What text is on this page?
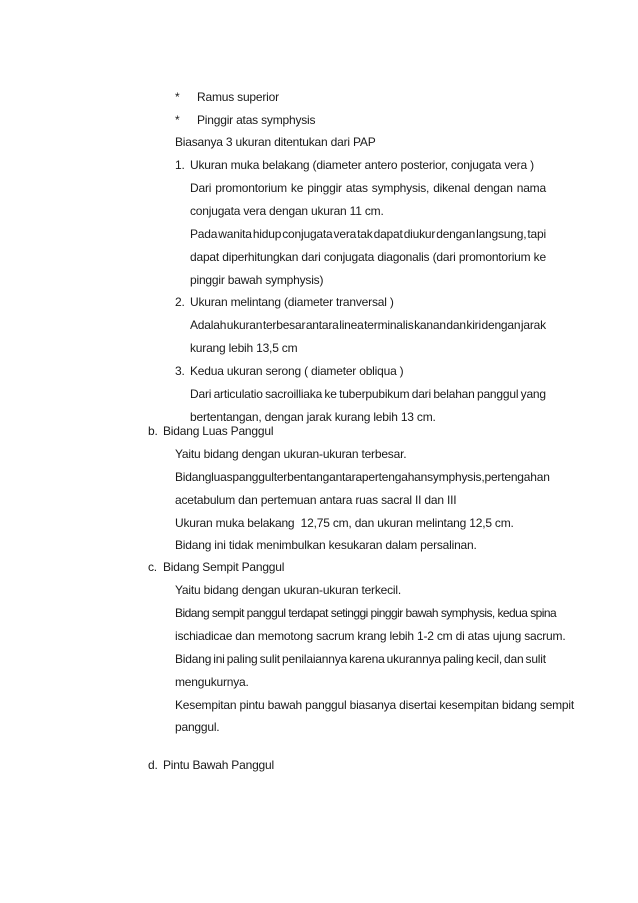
* Ramus superior
* Pinggir atas symphysis
Biasanya 3 ukuran ditentukan dari PAP
1. Ukuran muka belakang (diameter antero posterior, conjugata vera )
Dari promontorium ke pinggir atas symphysis, dikenal dengan nama
conjugata vera dengan ukuran 11 cm.
Pada wanita hidup conjugata vera tak dapat diukur dengan langsung, tapi
dapat diperhitungkan dari conjugata diagonalis (dari promontorium ke
pinggir bawah symphysis)
2. Ukuran melintang (diameter tranversal )
Adalah ukuran terbesar antara linea terminalis kanan dan kiri dengan jarak
kurang lebih 13,5 cm
3. Kedua ukuran serong ( diameter obliqua )
Dari articulatio sacroilliaka ke tuberpubikum dari belahan panggul yang
bertentangan, dengan jarak kurang lebih 13 cm.
b. Bidang Luas Panggul
Yaitu bidang dengan ukuran-ukuran terbesar.
Bidang luas panggul terbentang antara pertengahan symphysis, pertengahan
acetabulum dan pertemuan antara ruas sacral II dan III
Ukuran muka belakang  12,75 cm, dan ukuran melintang 12,5 cm.
Bidang ini tidak menimbulkan kesukaran dalam persalinan.
c. Bidang Sempit Panggul
Yaitu bidang dengan ukuran-ukuran terkecil.
Bidang sempit panggul terdapat setinggi pinggir bawah symphysis, kedua spina
ischiadicae dan memotong sacrum krang lebih 1-2 cm di atas ujung sacrum.
Bidang ini paling sulit penilaiannya karena ukurannya paling kecil, dan sulit
mengukurnya.
Kesempitan pintu bawah panggul biasanya disertai kesempitan bidang sempit
panggul.
d. Pintu Bawah Panggul
